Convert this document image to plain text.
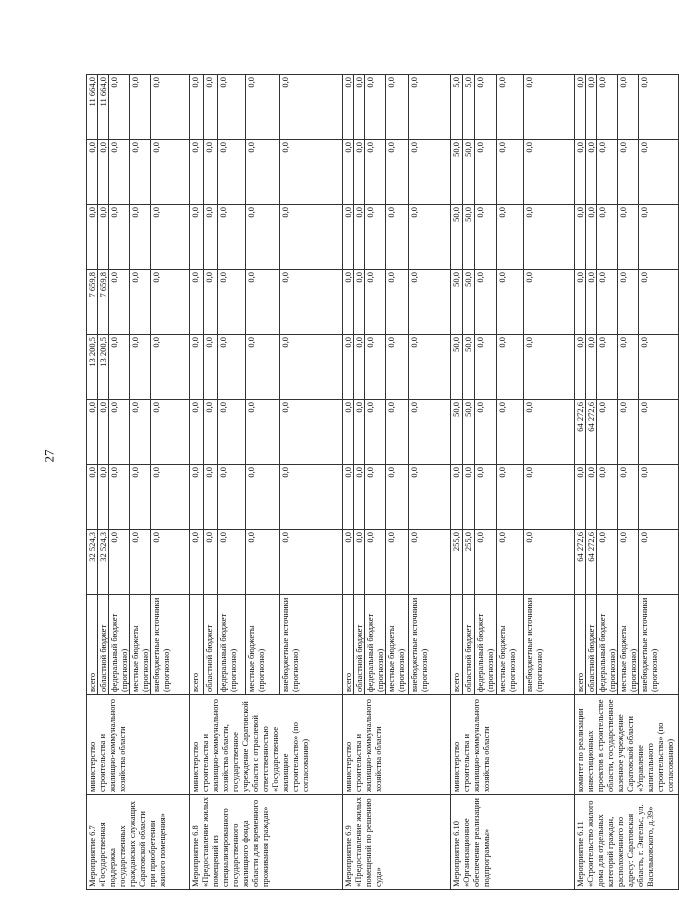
27
Мероприятие 6.7 «Государственная поддержка государственных гражданских служащих Саратовской области при приобретении жилого помещения»	министерство строительства и жилищно-коммунального хозяйства области	всего	32 524,3	0,0	0,0	13 200,5	7 659,8	0,0	0,0	11 664,0
		областной бюджет	32 524,3	0,0	0,0	13 200,5	7 659,8	0,0	0,0	11 664,0
		федеральный бюджет (прогнозно)	0,0	0,0	0,0	0,0	0,0	0,0	0,0	0,0
		местные бюджеты (прогнозно)	0,0	0,0	0,0	0,0	0,0	0,0	0,0	0,0
		внебюджетные источники (прогнозно)	0,0	0,0	0,0	0,0	0,0	0,0	0,0	0,0
Мероприятие 6.8 «Предоставление жилых помещений из специализированного государственного жилищного фонда области для временного проживания граждан»	министерство строительства и жилищно-коммунального хозяйства области, государственное учреждение Саратовской области с отраслевой ответственностью «Государственное жилищное строительство» (по согласованию)	всего	0,0	0,0	0,0	0,0	0,0	0,0	0,0	0,0
		областной бюджет	0,0	0,0	0,0	0,0	0,0	0,0	0,0	0,0
		федеральный бюджет (прогнозно)	0,0	0,0	0,0	0,0	0,0	0,0	0,0	0,0
		местные бюджеты (прогнозно)	0,0	0,0	0,0	0,0	0,0	0,0	0,0	0,0
		внебюджетные источники (прогнозно)	0,0	0,0	0,0	0,0	0,0	0,0	0,0	0,0
Мероприятие 6.9 «Предоставление жилых помещений по решению суда»	министерство строительства и жилищно-коммунального хозяйства области	всего	0,0	0,0	0,0	0,0	0,0	0,0	0,0	0,0
		областной бюджет	0,0	0,0	0,0	0,0	0,0	0,0	0,0	0,0
		федеральный бюджет (прогнозно)	0,0	0,0	0,0	0,0	0,0	0,0	0,0	0,0
		местные бюджеты (прогнозно)	0,0	0,0	0,0	0,0	0,0	0,0	0,0	0,0
		внебюджетные источники (прогнозно)	0,0	0,0	0,0	0,0	0,0	0,0	0,0	0,0
Мероприятие 6.10 «Организационное обеспечение реализации подпрограммы»	министерство строительства и жилищно-коммунального хозяйства области	всего	255,0	0,0	50,0	50,0	50,0	50,0	50,0	5,0
		областной бюджет	255,0	0,0	50,0	50,0	50,0	50,0	50,0	5,0
		федеральный бюджет (прогнозно)	0,0	0,0	0,0	0,0	0,0	0,0	0,0	0,0
		местные бюджеты (прогнозно)	0,0	0,0	0,0	0,0	0,0	0,0	0,0	0,0
		внебюджетные источники (прогнозно)	0,0	0,0	0,0	0,0	0,0	0,0	0,0	0,0
Мероприятие 6.11 «Строительство жилого дома для отдельных категорий граждан, расположенного по адресу: Саратовская область, г. Энгельс, ул. Васильковского, д.39»	комитет по реализации инвестиционных проектов в строительстве области, государственное казенное учреждение Саратовской области «Управление капитального строительства» (по согласованию)	всего	64 272,6	0,0	64 272,6	0,0	0,0	0,0	0,0	0,0
		областной бюджет	64 272,6	0,0	64 272,6	0,0	0,0	0,0	0,0	0,0
		федеральный бюджет (прогнозно)	0,0	0,0	0,0	0,0	0,0	0,0	0,0	0,0
		местные бюджеты (прогнозно)	0,0	0,0	0,0	0,0	0,0	0,0	0,0	0,0
		внебюджетные источники (прогнозно)	0,0	0,0	0,0	0,0	0,0	0,0	0,0	0,0
